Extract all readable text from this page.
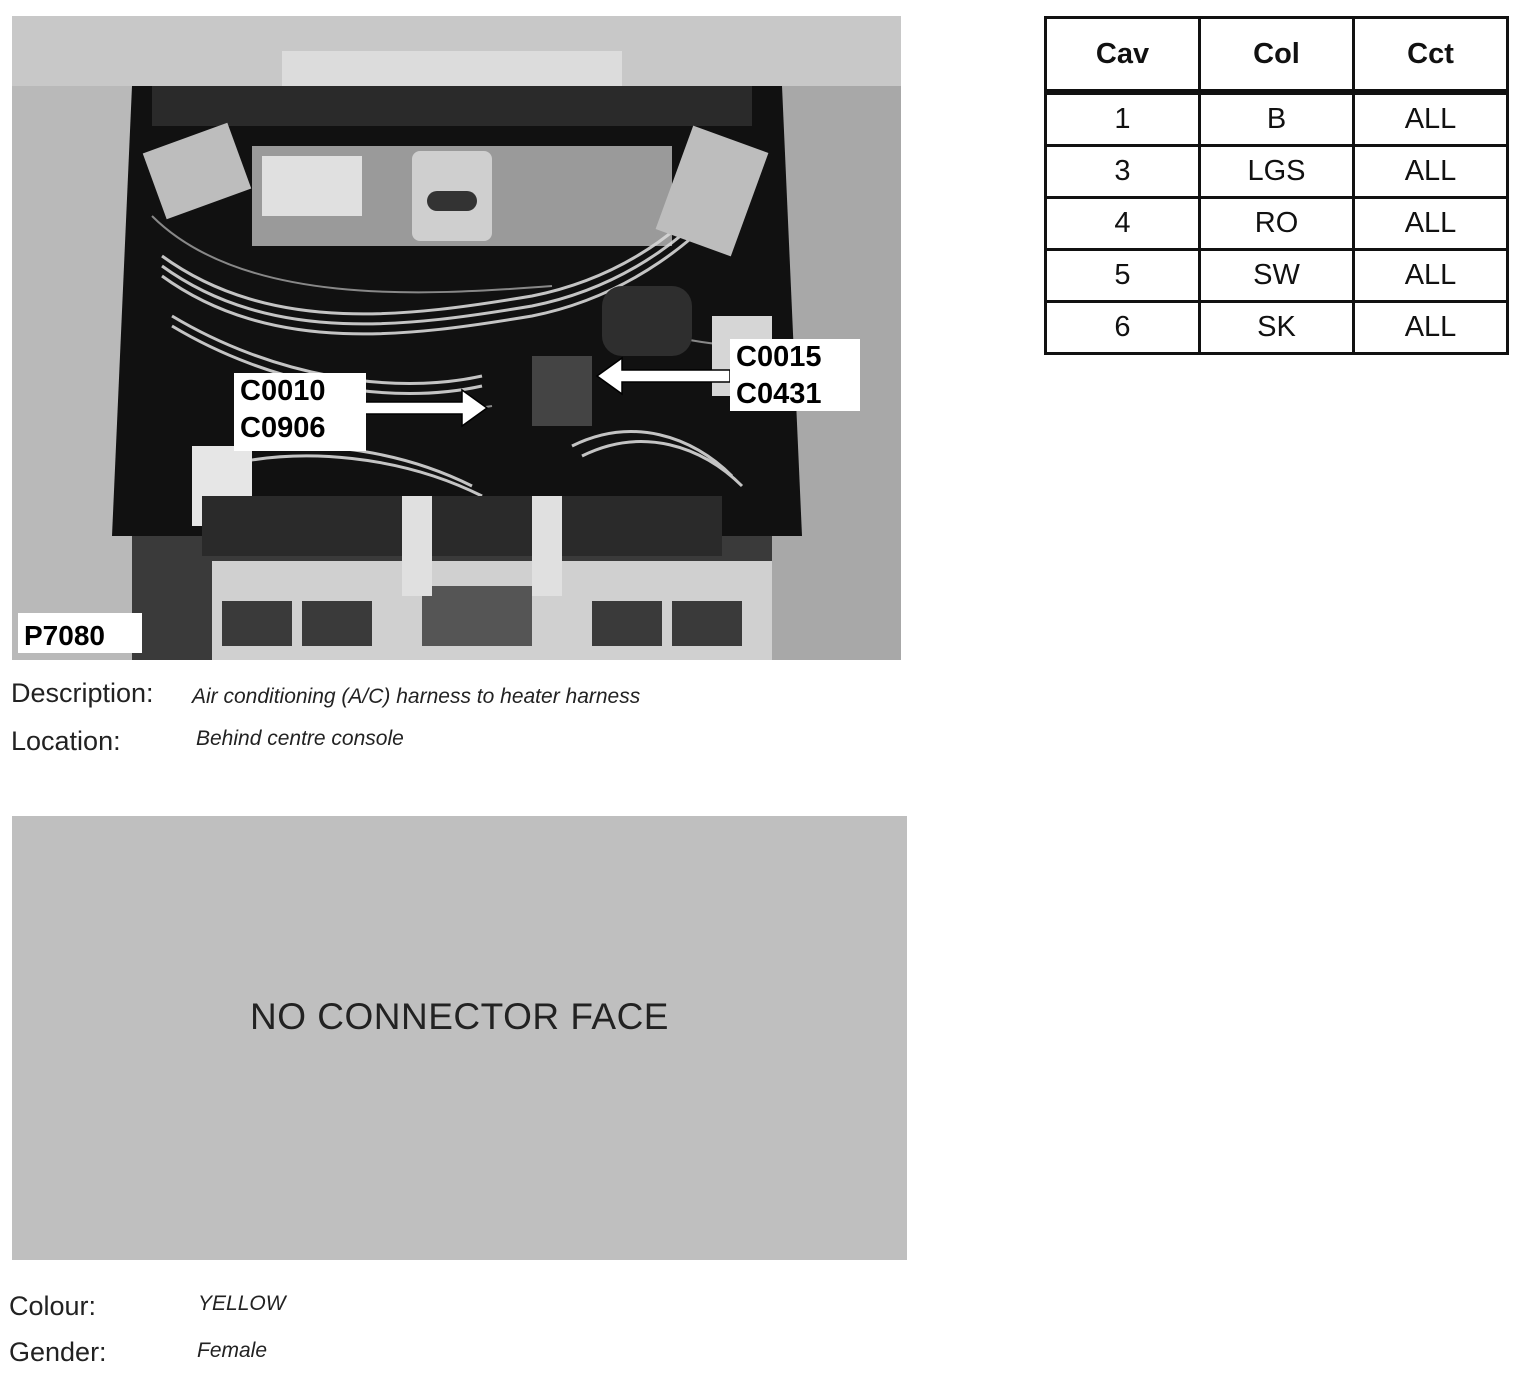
C0010
C0906
C0015
C0431
P7080
Description: Air conditioning (A/C) harness to heater harness
Location:	Behind centre console
NO CONNECTOR FACE
Colour:	YELLOW
Gender:	Female
Cav	Col	Cct
1	B	ALL
3	LGS	ALL
4	RO	ALL
5	SW	ALL
6	SK	ALL
